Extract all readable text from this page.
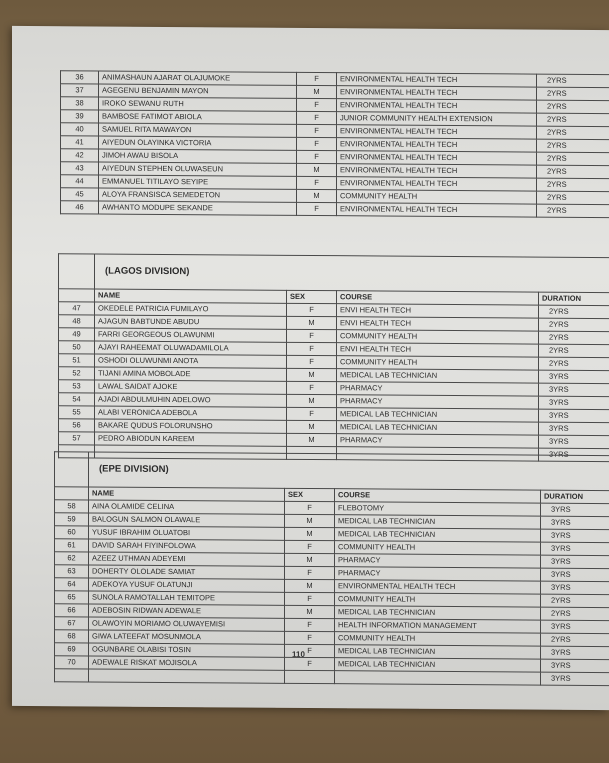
36	ANIMASHAUN AJARAT OLAJUMOKE	F	ENVIRONMENTAL HEALTH TECH	2YRS
37	AGEGENU BENJAMIN MAYON	M	ENVIRONMENTAL HEALTH TECH	2YRS
38	IROKO SEWANU RUTH	F	ENVIRONMENTAL HEALTH TECH	2YRS
39	BAMBOSE FATIMOT ABIOLA	F	JUNIOR COMMUNITY HEALTH EXTENSION	2YRS
40	SAMUEL RITA MAWAYON	F	ENVIRONMENTAL HEALTH TECH	2YRS
41	AIYEDUN OLAYINKA VICTORIA	F	ENVIRONMENTAL HEALTH TECH	2YRS
42	JIMOH AWAU BISOLA	F	ENVIRONMENTAL HEALTH TECH	2YRS
43	AIYEDUN STEPHEN OLUWASEUN	M	ENVIRONMENTAL HEALTH TECH	2YRS
44	EMMANUEL TITILAYO SEYIPE	F	ENVIRONMENTAL HEALTH TECH	2YRS
45	ALOYA FRANSISCA SEMEDETON	M	COMMUNITY HEALTH	2YRS
46	AWHANTO MODUPE SEKANDE	F	ENVIRONMENTAL HEALTH TECH	2YRS
	(LAGOS DIVISION)			
	NAME	SEX	COURSE	DURATION
47	OKEDELE PATRICIA FUMILAYO	F	ENVI HEALTH TECH	2YRS
48	AJAGUN BABTUNDE ABUDU	M	ENVI HEALTH TECH	2YRS
49	FARRI GEORGEOUS OLAWUNMI	F	COMMUNITY HEALTH	2YRS
50	AJAYI RAHEEMAT OLUWADAMILOLA	F	ENVI HEALTH TECH	2YRS
51	OSHODI OLUWUNMI ANOTA	F	COMMUNITY HEALTH	2YRS
52	TIJANI AMINA MOBOLADE	M	MEDICAL LAB TECHNICIAN	3YRS
53	LAWAL SAIDAT AJOKE	F	PHARMACY	3YRS
54	AJADI ABDULMUHIN ADELOWO	M	PHARMACY	3YRS
55	ALABI VERONICA ADEBOLA	F	MEDICAL LAB TECHNICIAN	3YRS
56	BAKARE QUDUS FOLORUNSHO	M	MEDICAL LAB TECHNICIAN	3YRS
57	PEDRO ABIODUN KAREEM	M	PHARMACY	3YRS
				3YRS
	(EPE DIVISION)			
	NAME	SEX	COURSE	DURATION
58	AINA OLAMIDE CELINA	F	FLEBOTOMY	3YRS
59	BALOGUN SALMON OLAWALE	M	MEDICAL LAB TECHNICIAN	3YRS
60	YUSUF IBRAHIM OLUATOBI	M	MEDICAL LAB TECHNICIAN	3YRS
61	DAVID SARAH FIYINFOLOWA	F	COMMUNITY HEALTH	3YRS
62	AZEEZ UTHMAN ADEYEMI	M	PHARMACY	3YRS
63	DOHERTY OLOLADE SAMIAT	F	PHARMACY	3YRS
64	ADEKOYA YUSUF OLATUNJI	M	ENVIRONMENTAL HEALTH TECH	3YRS
65	SUNOLA RAMOTALLAH TEMITOPE	F	COMMUNITY HEALTH	2YRS
66	ADEBOSIN RIDWAN ADEWALE	M	MEDICAL LAB TECHNICIAN	2YRS
67	OLAWOYIN MORIAMO OLUWAYEMISI	F	HEALTH INFORMATION MANAGEMENT	3YRS
68	GIWA LATEEFAT MOSUNMOLA	F	COMMUNITY HEALTH	2YRS
69	OGUNBARE OLABISI TOSIN	F	MEDICAL LAB TECHNICIAN	3YRS
70	ADEWALE RISKAT MOJISOLA	F	MEDICAL LAB TECHNICIAN	3YRS
				3YRS
110
